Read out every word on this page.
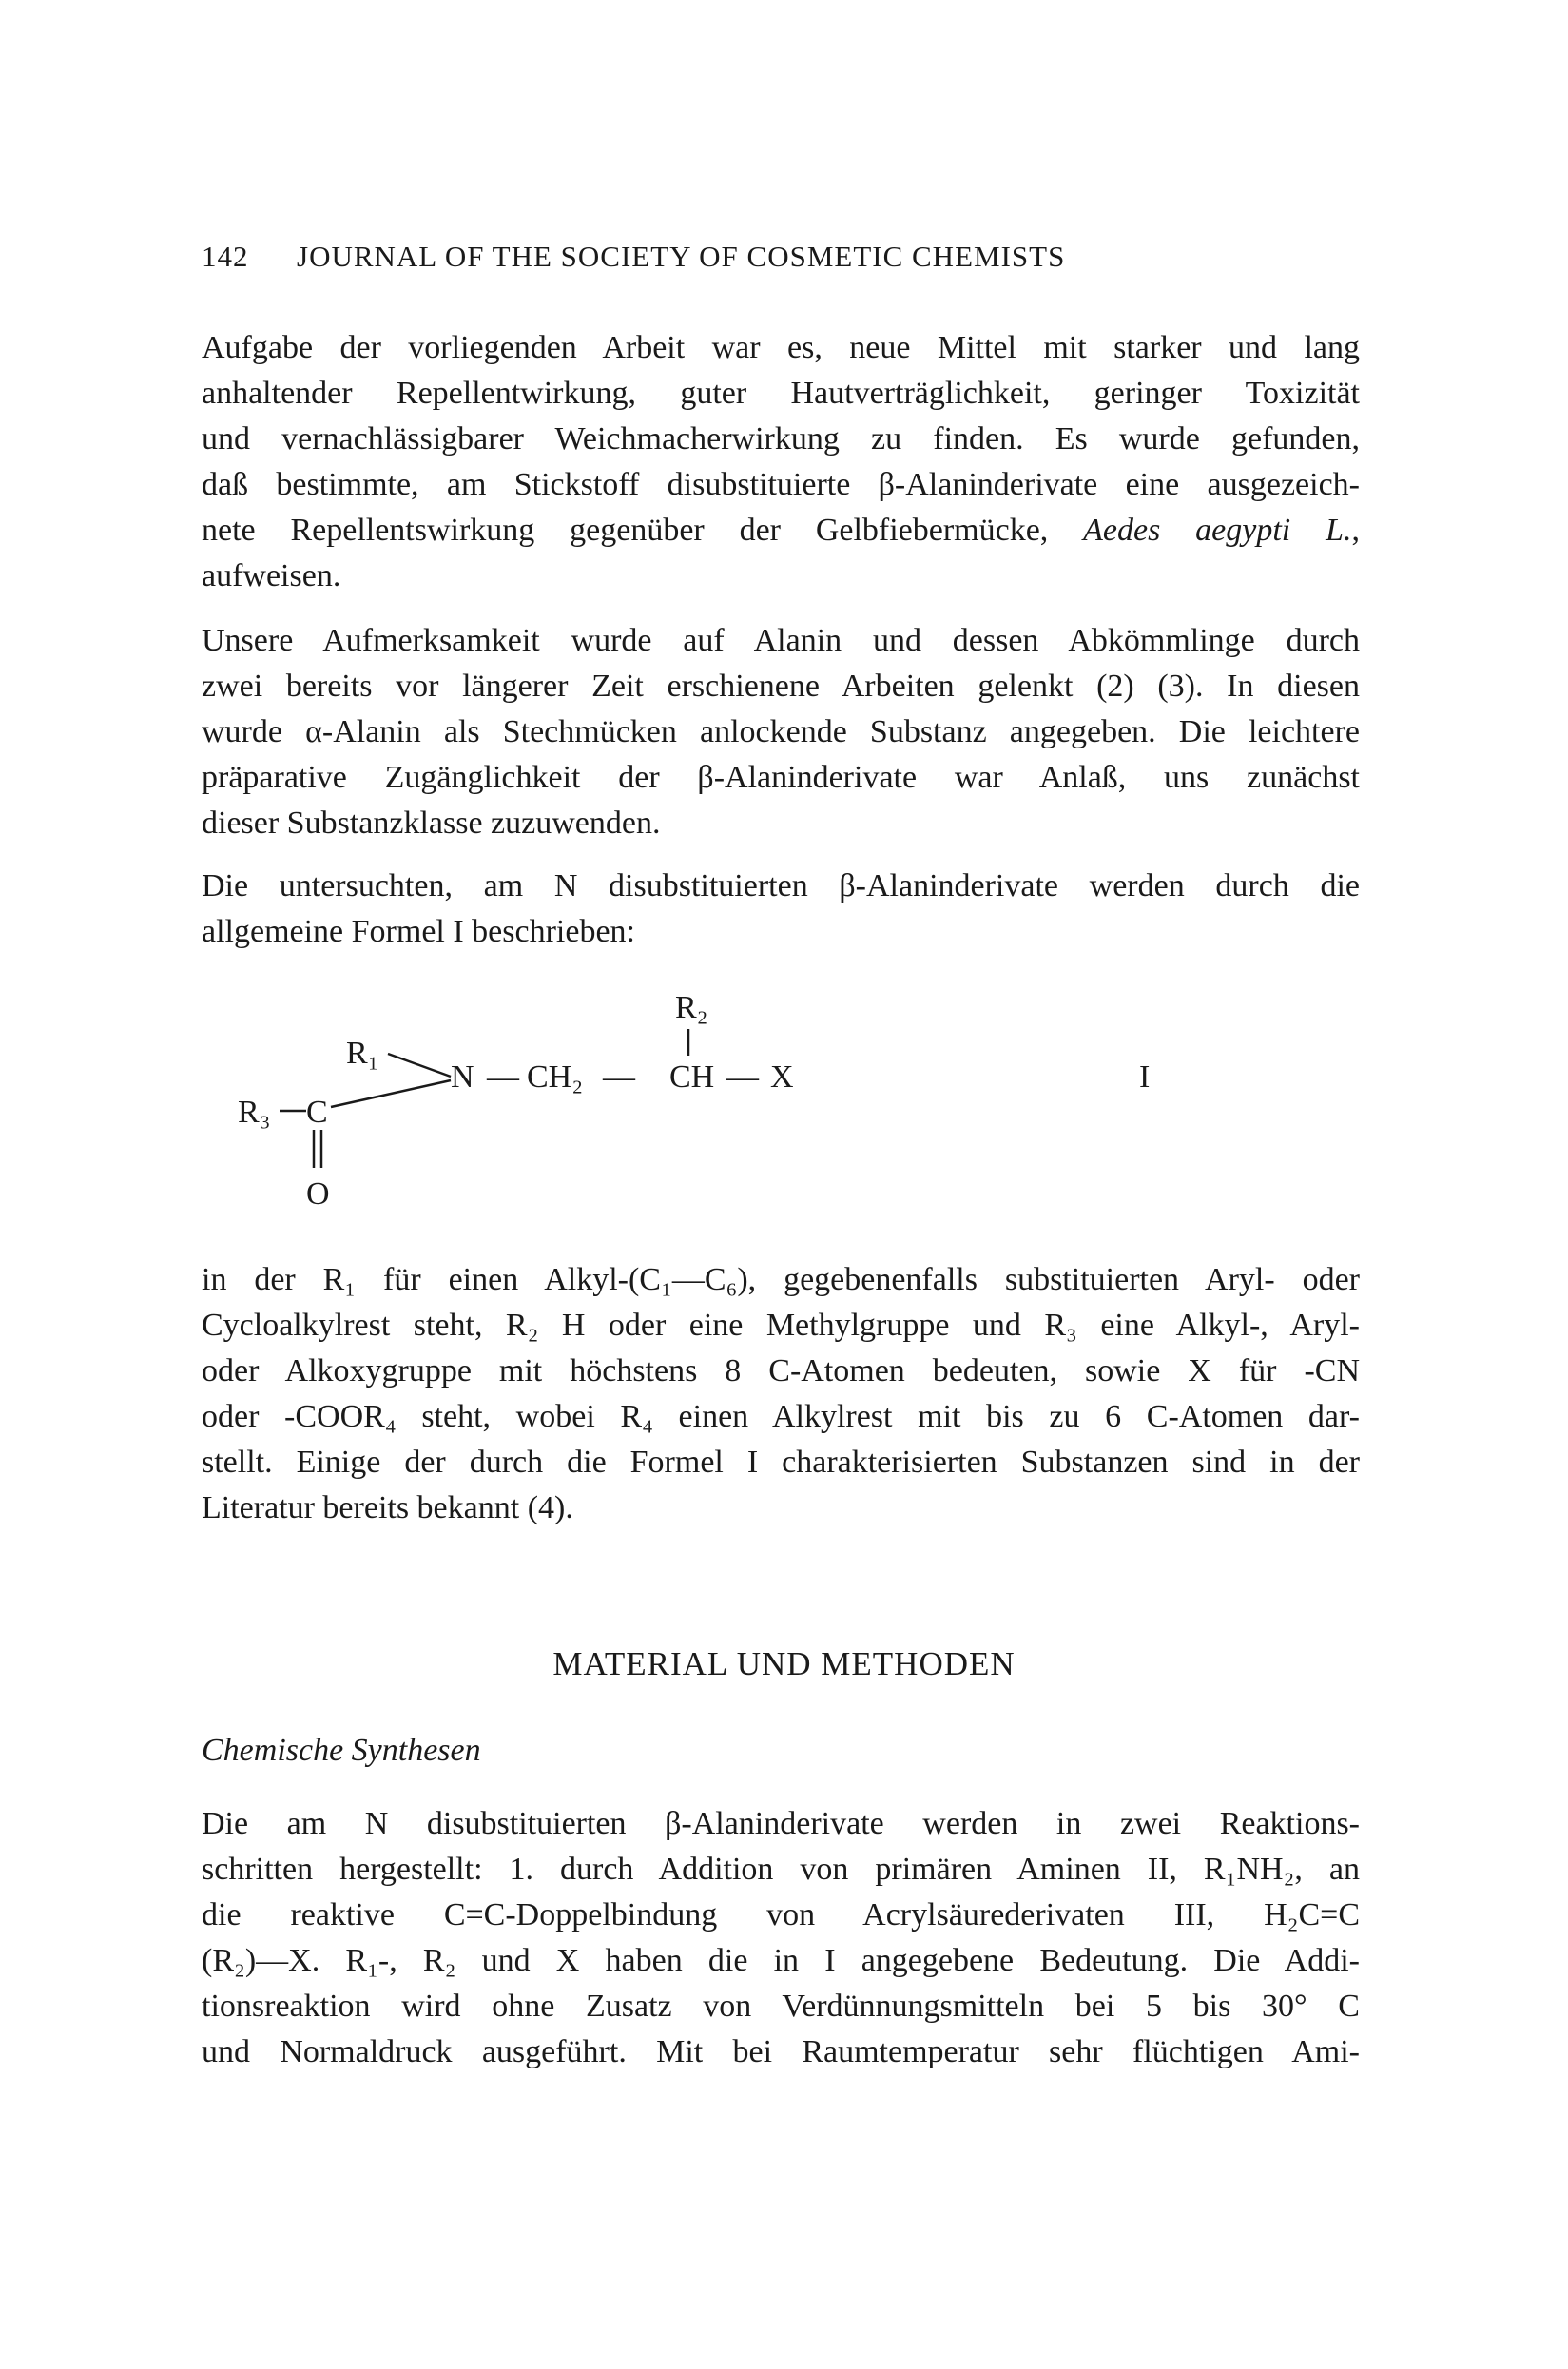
142 JOURNAL OF THE SOCIETY OF COSMETIC CHEMISTS
Aufgabe der vorliegenden Arbeit war es, neue Mittel mit starker und lang
anhaltender Repellentwirkung, guter Hautverträglichkeit, geringer Toxizität
und vernachlässigbarer Weichmacherwirkung zu finden. Es wurde gefunden,
daß bestimmte, am Stickstoff disubstituierte β-Alaninderivate eine ausgezeich-
nete Repellentswirkung gegenüber der Gelbfiebermücke, Aedes aegypti L.,
aufweisen.
Unsere Aufmerksamkeit wurde auf Alanin und dessen Abkömmlinge durch
zwei bereits vor längerer Zeit erschienene Arbeiten gelenkt (2) (3). In diesen
wurde α-Alanin als Stechmücken anlockende Substanz angegeben. Die leichtere
präparative Zugänglichkeit der β-Alaninderivate war Anlaß, uns zunächst
dieser Substanzklasse zuzuwenden.
Die untersuchten, am N disubstituierten β-Alaninderivate werden durch die
allgemeine Formel I beschrieben:
R₂
R₁
N — CH₂ — CH — X
R₃ C
O
I
in der R₁ für einen Alkyl-(C₁—C₆), gegebenenfalls substituierten Aryl- oder
Cycloalkylrest steht, R₂ H oder eine Methylgruppe und R₃ eine Alkyl-, Aryl-
oder Alkoxygruppe mit höchstens 8 C-Atomen bedeuten, sowie X für -CN
oder -COOR₄ steht, wobei R₄ einen Alkylrest mit bis zu 6 C-Atomen dar-
stellt. Einige der durch die Formel I charakterisierten Substanzen sind in der
Literatur bereits bekannt (4).
MATERIAL UND METHODEN
Chemische Synthesen
Die am N disubstituierten β-Alaninderivate werden in zwei Reaktions-
schritten hergestellt: 1. durch Addition von primären Aminen II, R₁NH₂, an
die reaktive C=C-Doppelbindung von Acrylsäurederivaten III, H₂C=C
(R₂)—X. R₁-, R₂ und X haben die in I angegebene Bedeutung. Die Addi-
tionsreaktion wird ohne Zusatz von Verdünnungsmitteln bei 5 bis 30° C
und Normaldruck ausgeführt. Mit bei Raumtemperatur sehr flüchtigen Ami-
